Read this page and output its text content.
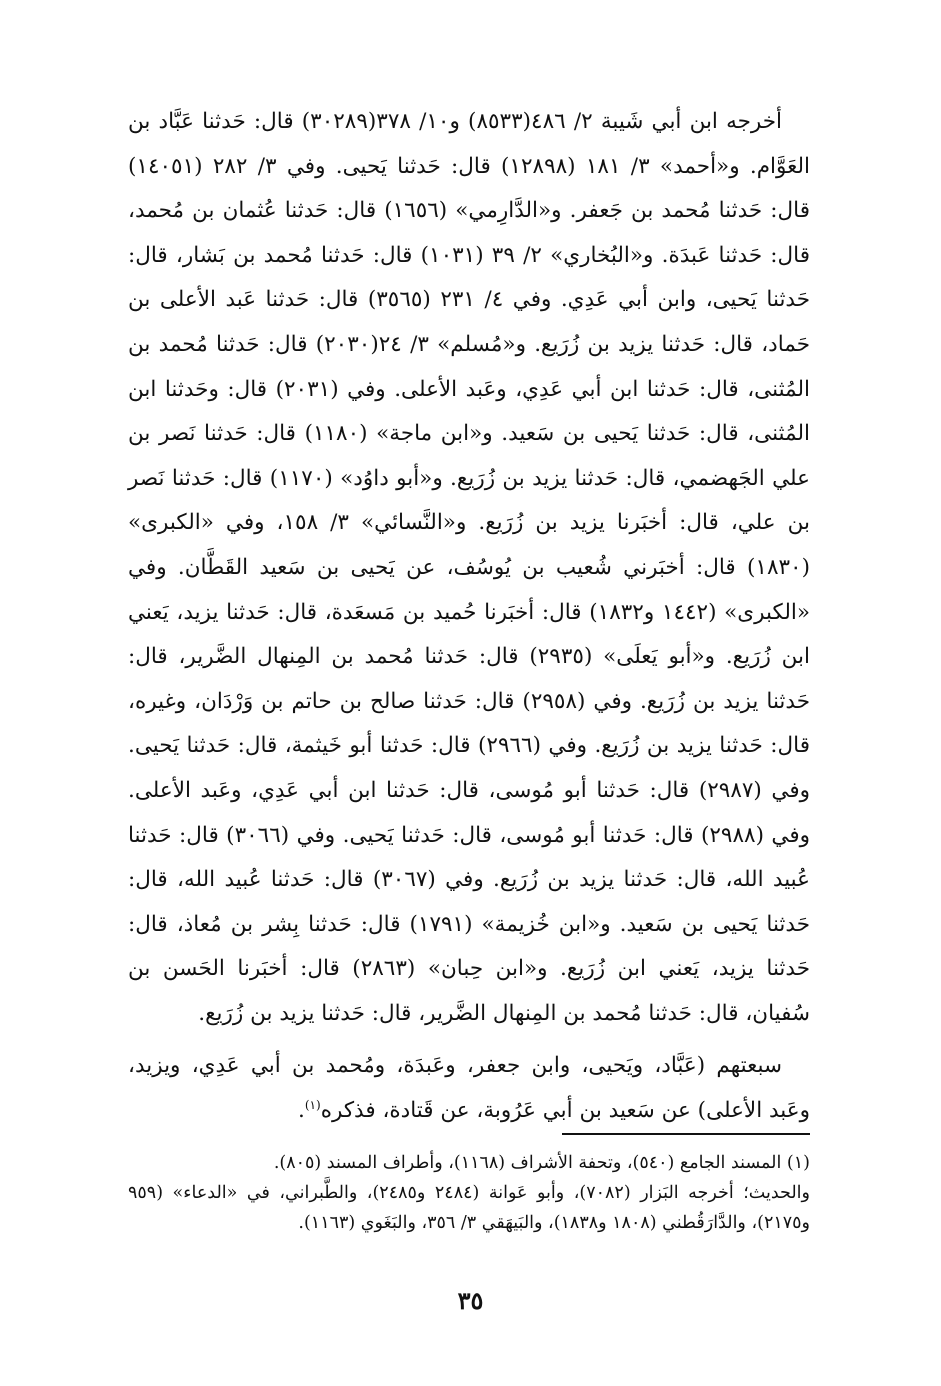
أخرجه ابن أبي شَيبة ٢/ ٤٨٦(٨٥٣٣) و١٠/ ٣٧٨(٣٠٢٨٩) قال: حَدثنا عَبَّاد بن العَوَّام. و«أحمد» ٣/ ١٨١ (١٢٨٩٨) قال: حَدثنا يَحيى. وفي ٣/ ٢٨٢ (١٤٠٥١) قال: حَدثنا مُحمد بن جَعفر. و«الدَّارِمي» (١٦٥٦) قال: حَدثنا عُثمان بن مُحمد، قال: حَدثنا عَبدَة. و«البُخاري» ٢/ ٣٩ (١٠٣١) قال: حَدثنا مُحمد بن بَشار، قال: حَدثنا يَحيى، وابن أبي عَدِي. وفي ٤/ ٢٣١ (٣٥٦٥) قال: حَدثنا عَبد الأعلى بن حَماد، قال: حَدثنا يزيد بن زُرَيع. و«مُسلم» ٣/ ٢٤(٢٠٣٠) قال: حَدثنا مُحمد بن المُثنى، قال: حَدثنا ابن أبي عَدِي، وعَبد الأعلى. وفي (٢٠٣١) قال: وحَدثنا ابن المُثنى، قال: حَدثنا يَحيى بن سَعيد. و«ابن ماجة» (١١٨٠) قال: حَدثنا نَصر بن علي الجَهضمي، قال: حَدثنا يزيد بن زُرَيع. و«أبو داوُد» (١١٧٠) قال: حَدثنا نَصر بن علي، قال: أخبَرنا يزيد بن زُرَيع. و«النَّسائي» ٣/ ١٥٨، وفي «الكبرى» (١٨٣٠) قال: أخبَرني شُعيب بن يُوسُف، عن يَحيى بن سَعيد القَطَّان. وفي «الكبرى» (١٤٤٢ و١٨٣٢) قال: أخبَرنا حُميد بن مَسعَدة، قال: حَدثنا يزيد، يَعني ابن زُرَيع. و«أبو يَعلَى» (٢٩٣٥) قال: حَدثنا مُحمد بن المِنهال الضَّرير، قال: حَدثنا يزيد بن زُرَيع. وفي (٢٩٥٨) قال: حَدثنا صالح بن حاتم بن وَرْدَان، وغيره، قال: حَدثنا يزيد بن زُرَيع. وفي (٢٩٦٦) قال: حَدثنا أبو خَيثمة، قال: حَدثنا يَحيى. وفي (٢٩٨٧) قال: حَدثنا أبو مُوسى، قال: حَدثنا ابن أبي عَدِي، وعَبد الأعلى. وفي (٢٩٨٨) قال: حَدثنا أبو مُوسى، قال: حَدثنا يَحيى. وفي (٣٠٦٦) قال: حَدثنا عُبيد الله، قال: حَدثنا يزيد بن زُرَيع. وفي (٣٠٦٧) قال: حَدثنا عُبيد الله، قال: حَدثنا يَحيى بن سَعيد. و«ابن خُزيمة» (١٧٩١) قال: حَدثنا بِشر بن مُعاذ، قال: حَدثنا يزيد، يَعني ابن زُرَيع. و«ابن حِبان» (٢٨٦٣) قال: أخبَرنا الحَسن بن سُفيان، قال: حَدثنا مُحمد بن المِنهال الضَّرير، قال: حَدثنا يزيد بن زُرَيع.

سبعتهم (عَبَّاد، ويَحيى، وابن جعفر، وعَبدَة، ومُحمد بن أبي عَدِي، ويزيد، وعَبد الأعلى) عن سَعيد بن أبي عَرُوبة، عن قَتادة، فذكره$^{(١)}$.

(١) المسند الجامع (٥٤٠)، وتحفة الأشراف (١١٦٨)، وأطراف المسند (٨٠٥).

والحديث؛ أخرجه البَزار (٧٠٨٢)، وأبو عَوانة (٢٤٨٤ و٢٤٨٥)، والطَّبراني، في «الدعاء» (٩٥٩ و٢١٧٥)، والدَّارَقُطني (١٨٠٨ و١٨٣٨)، والبَيهَقي ٣/ ٣٥٦، والبَغَوي (١١٦٣).

٣٥
